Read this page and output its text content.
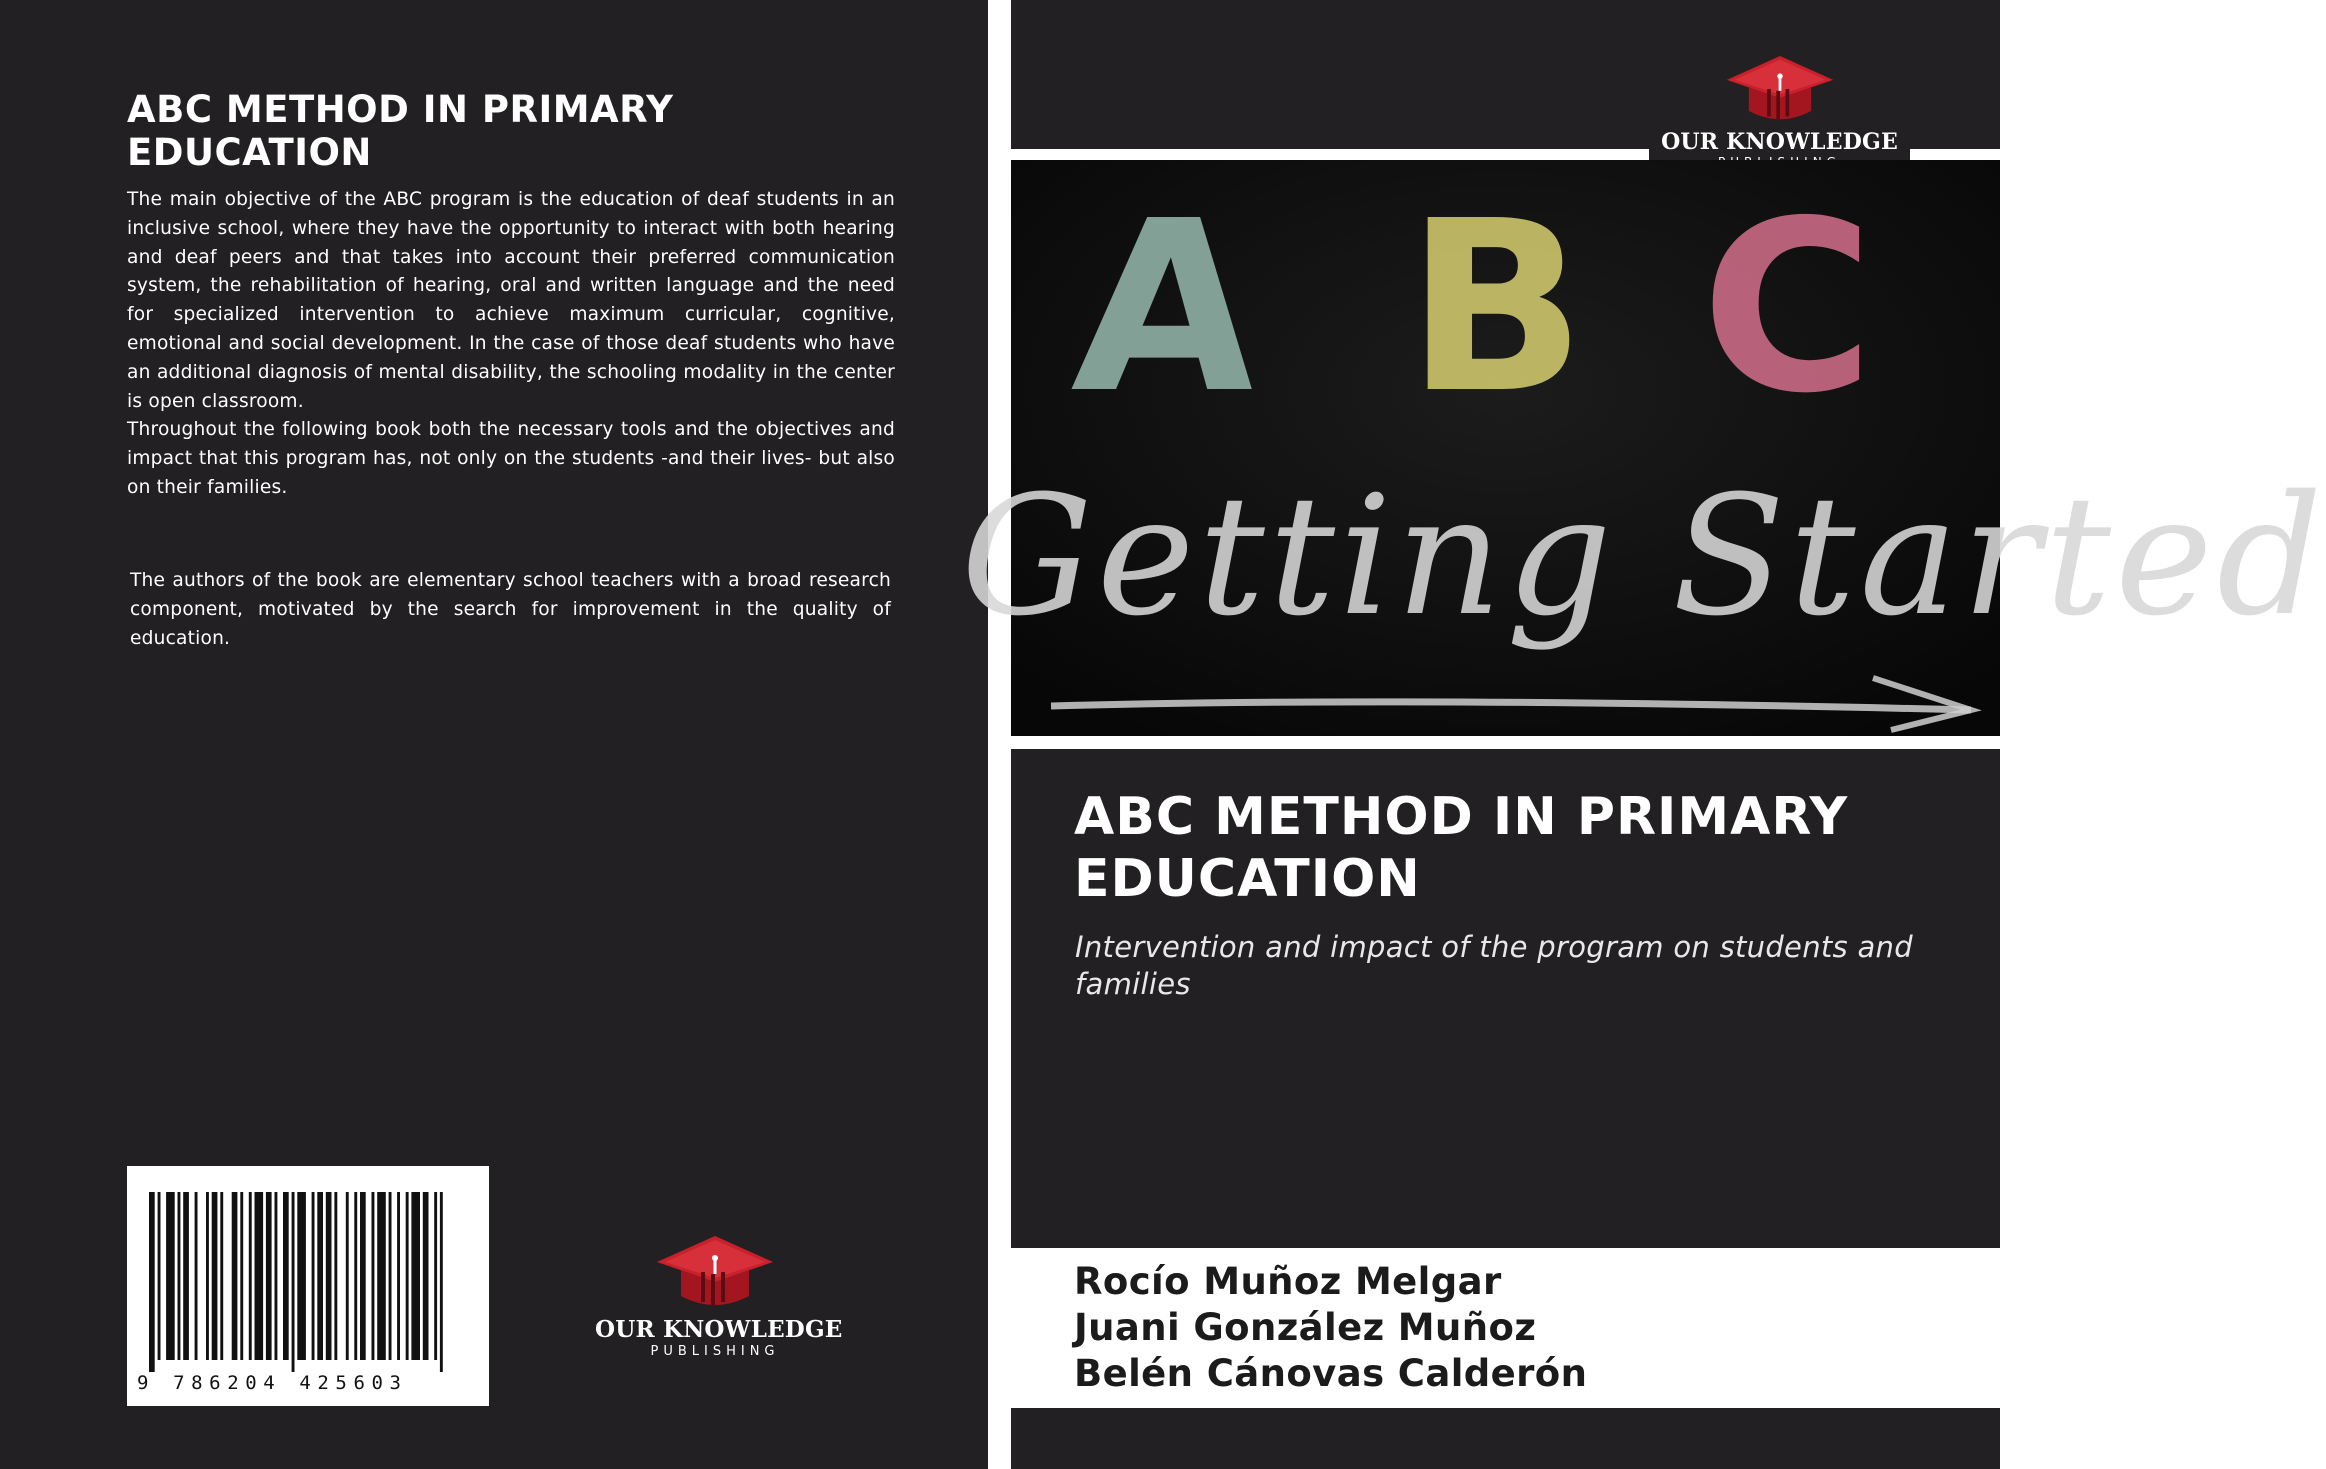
ABC METHOD IN PRIMARY
EDUCATION

The main objective of the ABC program is the education of deaf students in an inclusive school, where they have the opportunity to interact with both hearing and deaf peers and that takes into account their preferred communication system, the rehabilitation of hearing, oral and written language and the need for specialized intervention to achieve maximum curricular, cognitive, emotional and social development. In the case of those deaf students who have an additional diagnosis of mental disability, the schooling modality in the center is open classroom.

Throughout the following book both the necessary tools and the objectives and impact that this program has, not only on the students -and their lives- but also on their families.

The authors of the book are elementary school teachers with a broad research component, motivated by the search for improvement in the quality of education.

9 786204 425603
OUR KNOWLEDGE
PUBLISHING
OUR KNOWLEDGE
A B C
Getting Started
ABC METHOD IN PRIMARY
EDUCATION

Intervention and impact of the program on students and families

Rocío Muñoz Melgar
Juani González Muñoz
Belén Cánovas Calderón
